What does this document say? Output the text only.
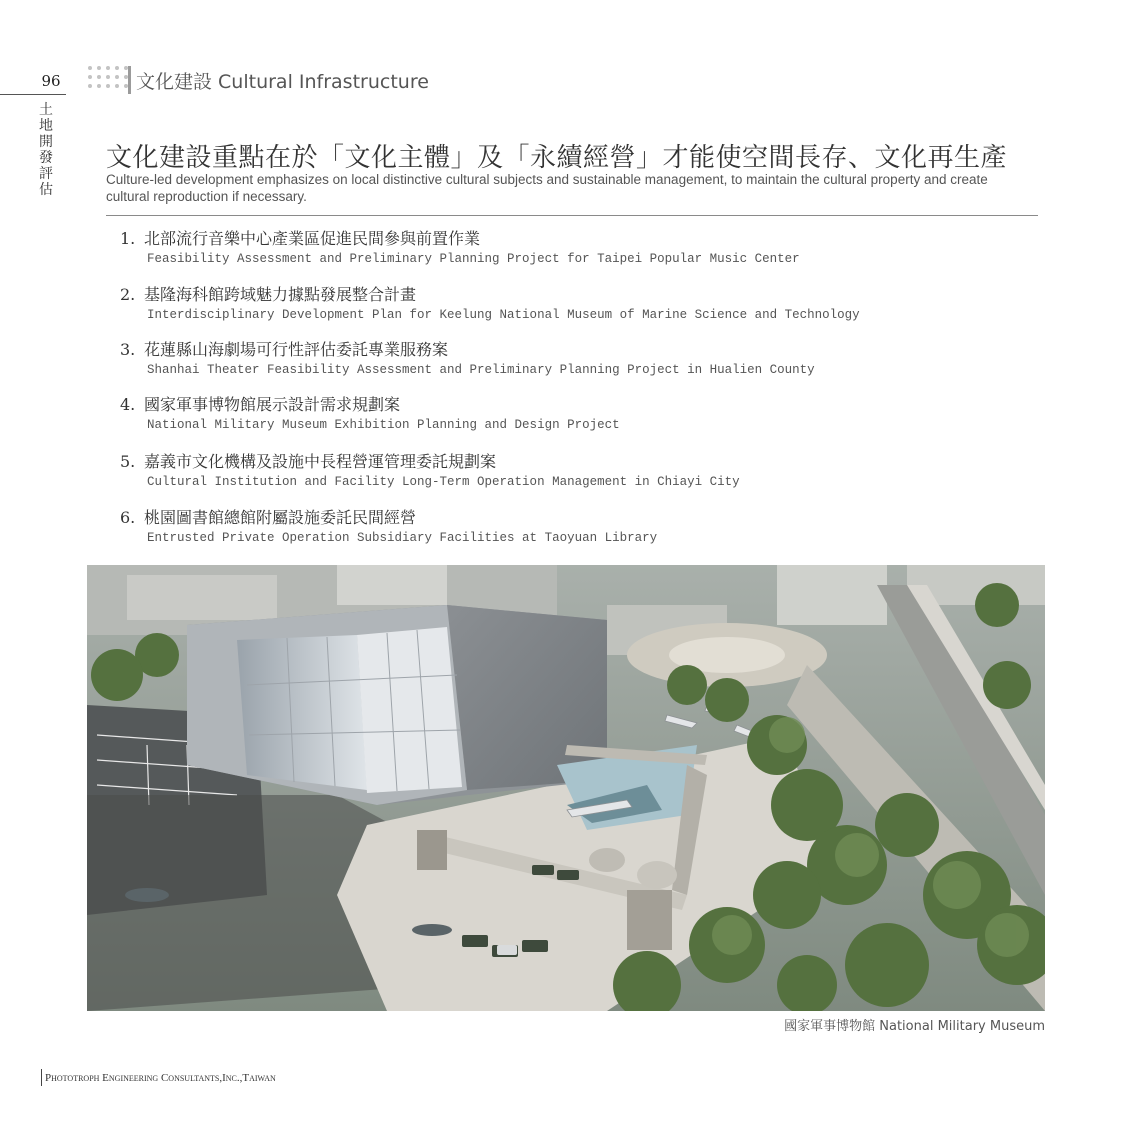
96
土
地
開
發
評
估
文化建設 Cultural Infrastructure
文化建設重點在於「文化主體」及「永續經營」才能使空間長存、文化再生產
Culture-led development emphasizes on local distinctive cultural subjects and sustainable management, to maintain the cultural property and create cultural reproduction if necessary.
1. 北部流行音樂中心產業區促進民間參與前置作業
Feasibility Assessment and Preliminary Planning Project for Taipei Popular Music Center
2. 基隆海科館跨域魅力據點發展整合計畫
Interdisciplinary Development Plan for Keelung National Museum of Marine Science and Technology
3. 花蓮縣山海劇場可行性評估委託專業服務案
Shanhai Theater Feasibility Assessment and Preliminary Planning Project in Hualien County
4. 國家軍事博物館展示設計需求規劃案
National Military Museum Exhibition Planning and Design Project
5. 嘉義市文化機構及設施中長程營運管理委託規劃案
Cultural Institution and Facility Long-Term Operation Management in Chiayi City
6. 桃園圖書館總館附屬設施委託民間經營
Entrusted Private Operation Subsidiary Facilities at Taoyuan Library
國家軍事博物館 National Military Museum
Phototroph Engineering Consultants,Inc.,Taiwan
